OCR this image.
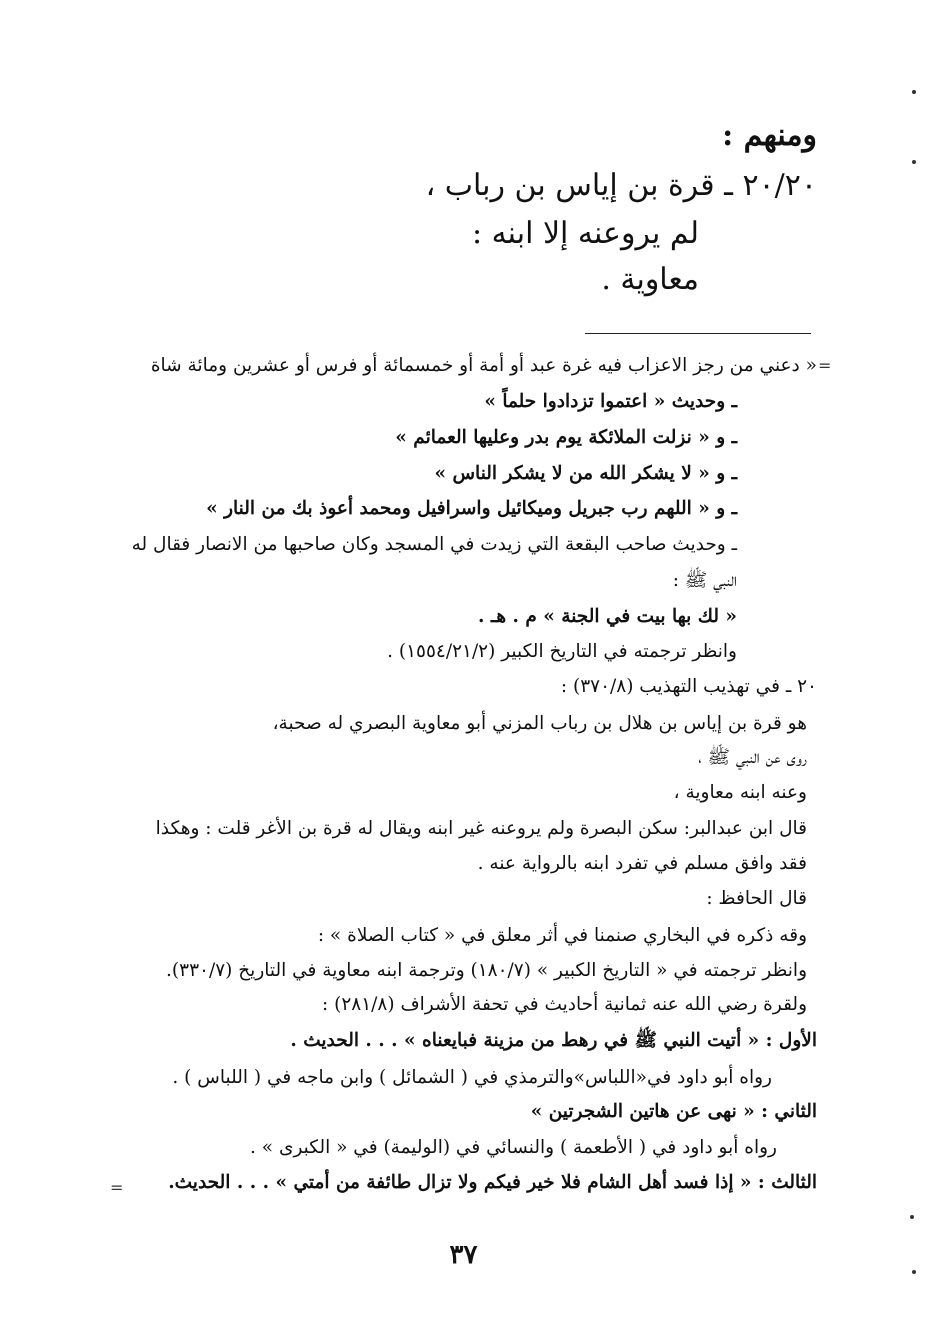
ومنهم :
٢٠/٢٠ ـ قرة بن إياس بن رباب ،
لم يروعنه إلا ابنه :
معاوية .
=
« دعني من رجز الاعزاب فيه غرة عبد أو أمة أو خمسمائة أو فرس أو عشرين ومائة شاة
ـ وحديث « اعتموا تزدادوا حلماً »
ـ و « نزلت الملائكة يوم بدر وعليها العمائم »
ـ و « لا يشكر الله من لا يشكر الناس »
ـ و « اللهم رب جبريل وميكائيل واسرافيل ومحمد أعوذ بك من النار »
ـ وحديث صاحب البقعة التي زيدت في المسجد وكان صاحبها من الانصار فقال له
النبي ﷺ :
« لك بها بيت في الجنة » م . هـ .
وانظر ترجمته في التاريخ الكبير (١٥٥٤/٢١/٢) .
٢٠ ـ في تهذيب التهذيب (٣٧٠/٨) :
هو قرة بن إياس بن هلال بن رباب المزني أبو معاوية البصري له صحبة،
روى عن النبي ﷺ ،
وعنه ابنه معاوية ،
قال ابن عبدالبر: سكن البصرة ولم يروعنه غير ابنه ويقال له قرة بن الأغر قلت : وهكذا
فقد وافق مسلم في تفرد ابنه بالرواية عنه .
قال الحافظ :
وقه ذكره في البخاري صنمنا في أثر معلق في « كتاب الصلاة » :
وانظر ترجمته في « التاريخ الكبير » (١٨٠/٧) وترجمة ابنه معاوية في التاريخ (٣٣٠/٧).
ولقرة رضي الله عنه ثمانية أحاديث في تحفة الأشراف (٢٨١/٨) :
الأول : « أتيت النبي ﷺ في رهط من مزينة فبايعناه » . . . الحديث .
رواه أبو داود في«اللباس»والترمذي في ( الشمائل ) وابن ماجه في ( اللباس ) .
الثاني : « نهى عن هاتين الشجرتين »
رواه أبو داود في ( الأطعمة ) والنسائي في (الوليمة) في « الكبرى » .
الثالث : « إذا فسد أهل الشام فلا خير فيكم ولا تزال طائفة من أمتي » . . . الحديث.
=
٣٧
